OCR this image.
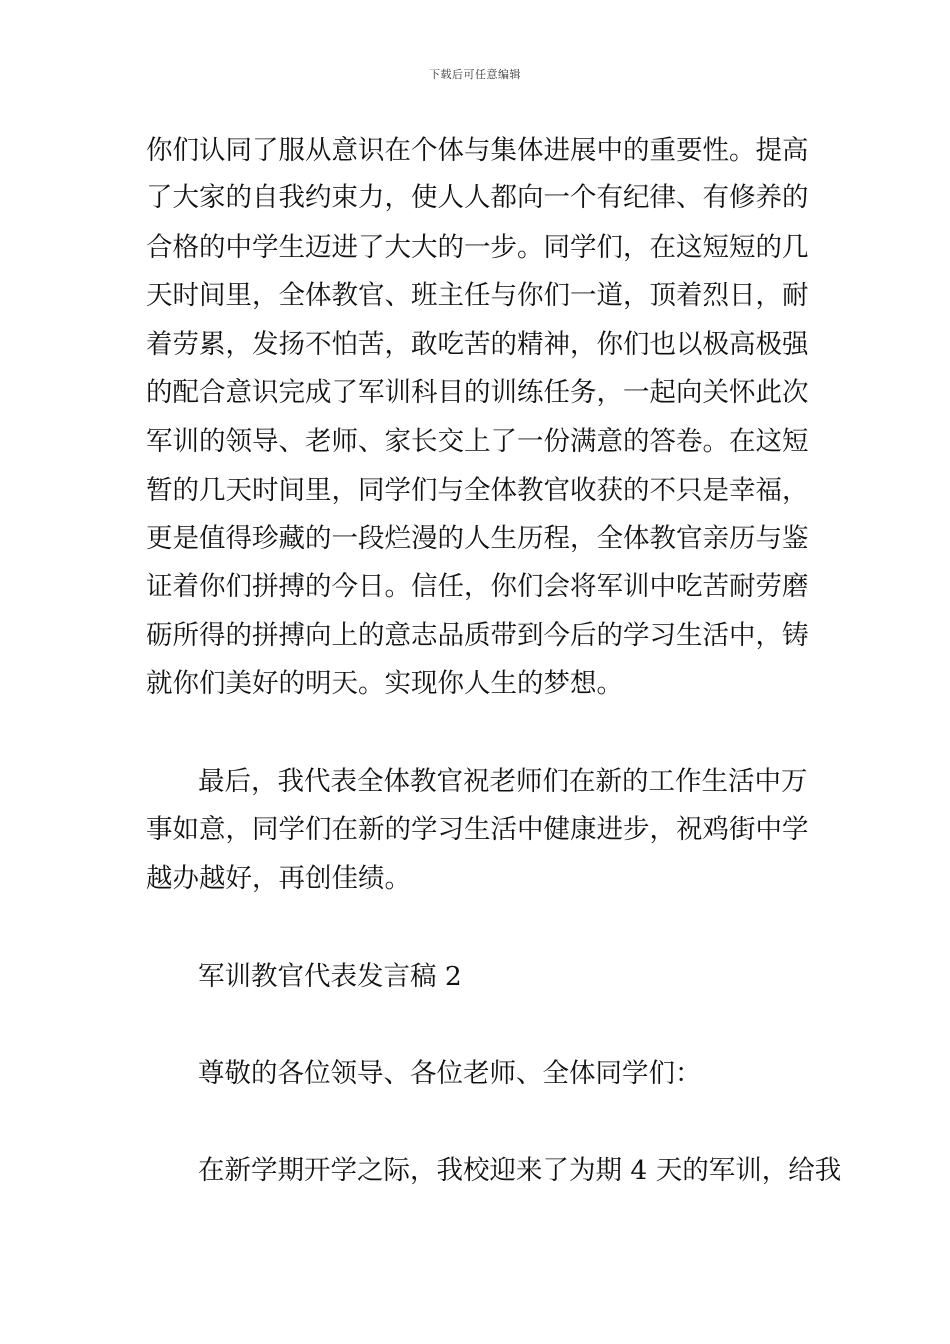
下载后可任意编辑
你们认同了服从意识在个体与集体进展中的重要性。提高
了大家的自我约束力，使人人都向一个有纪律、有修养的
合格的中学生迈进了大大的一步。同学们，在这短短的几
天时间里，全体教官、班主任与你们一道，顶着烈日，耐
着劳累，发扬不怕苦，敢吃苦的精神，你们也以极高极强
的配合意识完成了军训科目的训练任务，一起向关怀此次
军训的领导、老师、家长交上了一份满意的答卷。在这短
暂的几天时间里，同学们与全体教官收获的不只是幸福，
更是值得珍藏的一段烂漫的人生历程，全体教官亲历与鉴
证着你们拼搏的今日。信任，你们会将军训中吃苦耐劳磨
砺所得的拼搏向上的意志品质带到今后的学习生活中，铸
就你们美好的明天。实现你人生的梦想。
最后，我代表全体教官祝老师们在新的工作生活中万
事如意，同学们在新的学习生活中健康进步，祝鸡街中学
越办越好，再创佳绩。
军训教官代表发言稿 2
尊敬的各位领导、各位老师、全体同学们：
在新学期开学之际，我校迎来了为期 4 天的军训，给我
